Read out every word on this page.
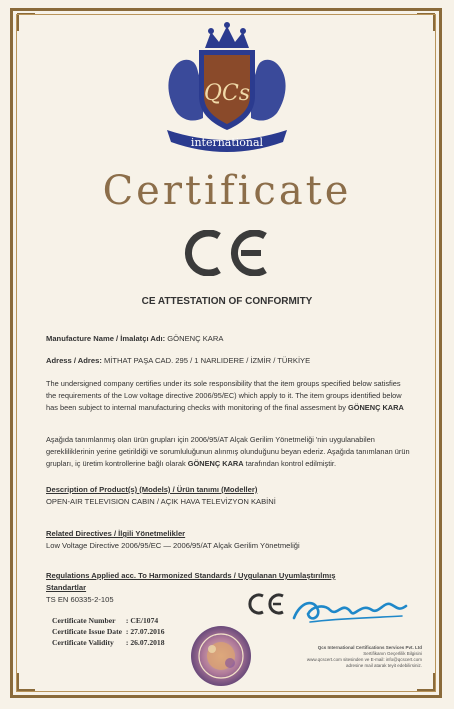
QCs
international
Certificate
CE ATTESTATION OF CONFORMITY
Manufacture Name / İmalatçı Adı: GÖNENÇ KARA
Adress / Adres: MİTHAT PAŞA CAD. 295 / 1 NARLIDERE / İZMİR / TÜRKİYE
The undersigned company certifies under its sole responsibility that the item groups specified below satisfies
the requirements of the Low voltage directive 2006/95/EC) which apply to it. The item groups identified below
has been subject to internal manufacturing checks with monitoring of the final assesment by GÖNENÇ KARA
Aşağıda tanımlanmış olan ürün grupları için 2006/95/AT Alçak Gerilim Yönetmeliği 'nin uygulanabilen
gerekliliklerinin yerine getirildiği ve sorumluluğunun alınmış olunduğunu beyan ederiz. Aşağıda tanımlanan ürün
grupları, iç üretim kontrollerine bağlı olarak GÖNENÇ KARA tarafından kontrol edilmiştir.
Description of Product(s) (Models) / Ürün tanımı (Modeller)
OPEN-AIR TELEVISION CABIN / AÇIK HAVA TELEVİZYON KABİNİ
Related Directives / İlgili Yönetmelikler
Low Voltage Directive 2006/95/EC — 2006/95/AT Alçak Gerilim Yönetmeliği
Regulations Applied acc. To Harmonized Standards / Uygulanan Uyumlaştırılmış
Standartlar
TS EN 60335-2-105
Certificate Number : CE/1074
Certificate Issue Date : 27.07.2016
Certificate Validity : 26.07.2018
Qcs International Certifications Services Pvt. Ltd
Sertifikanın Geçerlilik Bilgisini
www.qcscert.com sitesinden ve E-mail: info@qcscert.com
adresine mail atarak teyit edebilirsiniz.
